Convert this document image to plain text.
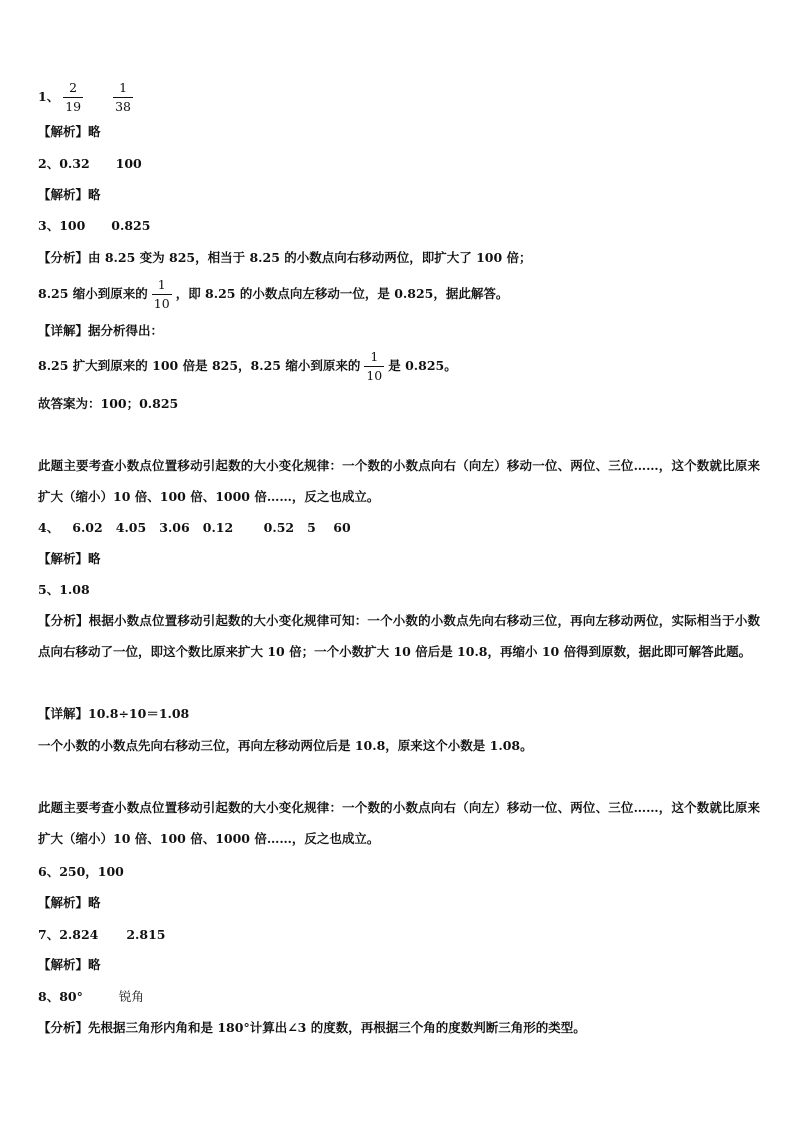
1、 $\frac{2}{19} \frac{1}{38}$
【解析】略
2、0.32 100
【解析】略
3、100 0.825
【分析】由 8.25 变为 825，相当于 8.25 的小数点向右移动两位，即扩大了 100 倍；
8.25 缩小到原来的 $\frac{1}{10}$ ，即 8.25 的小数点向左移动一位，是 0.825，据此解答。
【详解】据分析得出：
8.25 扩大到原来的 100 倍是 825，8.25 缩小到原来的 $\frac{1}{10}$ 是 0.825。
故答案为：100；0.825
此题主要考查小数点位置移动引起数的大小变化规律：一个数的小数点向右（向左）移动一位、两位、三位……，这个数就比原来扩大（缩小）10 倍、100 倍、1000 倍……，反之也成立。
4、   6.02   4.05   3.06   0.12       0.52   5    60
【解析】略
5、1.08
【分析】根据小数点位置移动引起数的大小变化规律可知：一个小数的小数点先向右移动三位，再向左移动两位，实际相当于小数点向右移动了一位，即这个数比原来扩大 10 倍；一个小数扩大 10 倍后是 10.8，再缩小 10 倍得到原数，据此即可解答此题。
【详解】10.8÷10＝1.08
一个小数的小数点先向右移动三位，再向左移动两位后是 10.8，原来这个小数是 1.08。
此题主要考查小数点位置移动引起数的大小变化规律：一个数的小数点向右（向左）移动一位、两位、三位……，这个数就比原来扩大（缩小）10 倍、100 倍、1000 倍……，反之也成立。
6、250，100
【解析】略
7、2.824 2.815
【解析】略
8、80°	锐角
【分析】先根据三角形内角和是 180°计算出∠3 的度数，再根据三个角的度数判断三角形的类型。
